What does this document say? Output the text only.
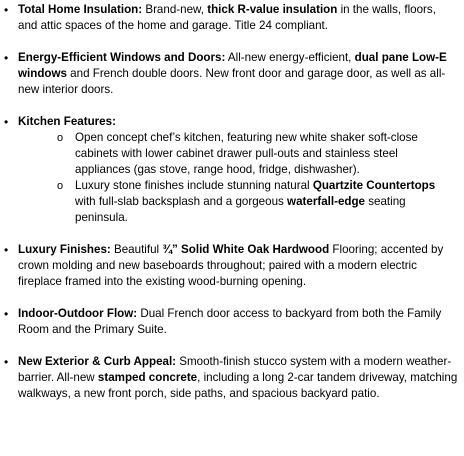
• Total Home Insulation: Brand-new, thick R-value insulation in the walls, floors, and attic spaces of the home and garage. Title 24 compliant.
• Energy-Efficient Windows and Doors: All-new energy-efficient, dual pane Low-E windows and French double doors. New front door and garage door, as well as all-new interior doors.
• Kitchen Features:
o Open concept chef’s kitchen, featuring new white shaker soft-close cabinets with lower cabinet drawer pull-outs and stainless steel appliances (gas stove, range hood, fridge, dishwasher).
o Luxury stone finishes include stunning natural Quartzite Countertops with full-slab backsplash and a gorgeous waterfall-edge seating peninsula.
• Luxury Finishes: Beautiful ¾” Solid White Oak Hardwood Flooring; accented by crown molding and new baseboards throughout; paired with a modern electric fireplace framed into the existing wood-burning opening.
• Indoor-Outdoor Flow: Dual French door access to backyard from both the Family Room and the Primary Suite.
• New Exterior & Curb Appeal: Smooth-finish stucco system with a modern weather-barrier. All-new stamped concrete, including a long 2-car tandem driveway, matching walkways, a new front porch, side paths, and spacious backyard patio.
